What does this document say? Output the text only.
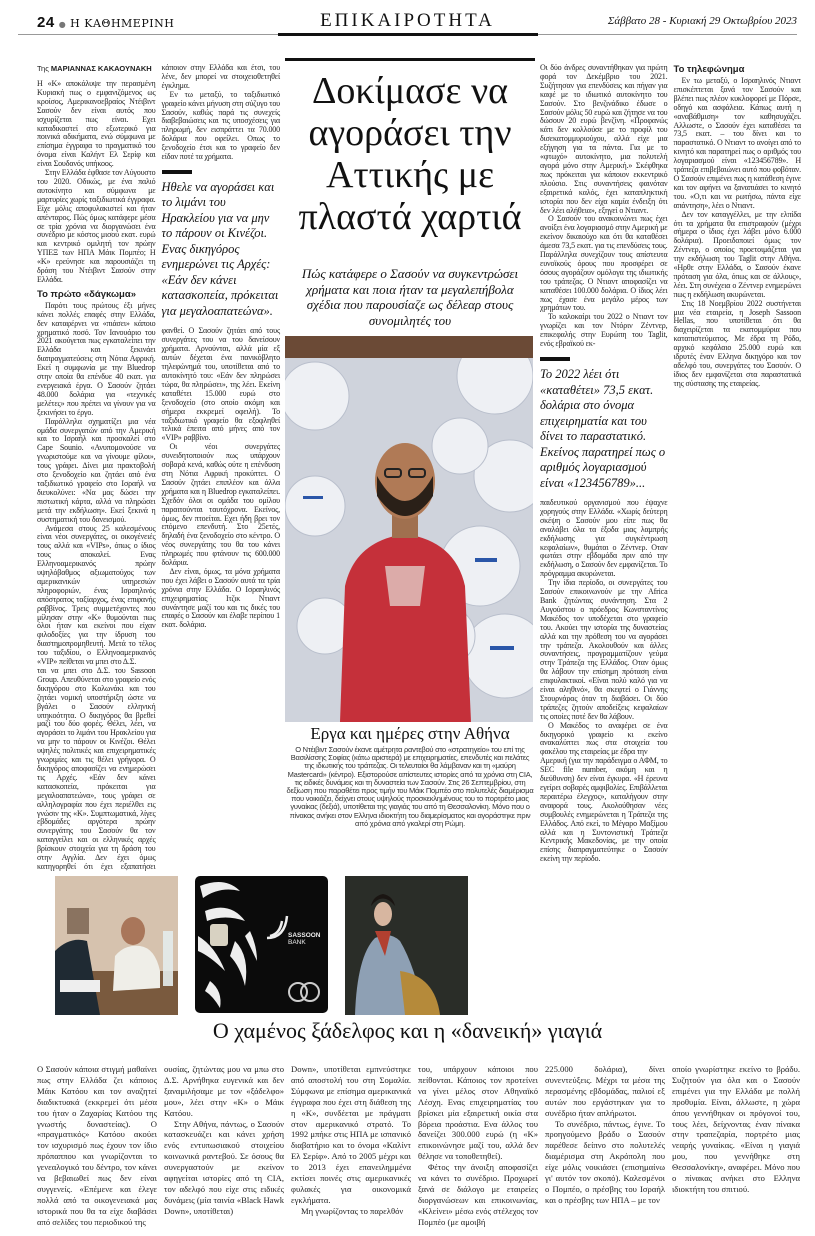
24 ● Η ΚΑΘΗΜΕΡΙΝΗ	ΕΠΙΚΑΙΡΟΤΗΤΑ	Σάββατο 28 - Κυριακή 29 Οκτωβρίου 2023
Της ΜΑΡΙΑΝΝΑΣ ΚΑΚΑΟΥΝΑΚΗ

Η «Κ» αποκάλυψε την περασμένη Κυριακή πως ο εμφανιζόμενος ως κροίσος, Αμερικανοεβραίος Ντέιβιντ Σασούν δεν είναι αυτός που ισχυρίζεται πως είναι. Εχει καταδικαστεί στο εξωτερικό για ποινικά αδικήματα, ενώ σύμφωνα με επίσημα έγγραφα το πραγματικό του όνομα είναι Καλήντ Ελ Σερίφ και είναι Σουδανός υπήκοος.

Στην Ελλάδα έφθασε τον Αύγουστο του 2020. Οδικώς, με ένα παλιό αυτοκίνητο και σύμφωνα με μαρτυρίες χωρίς ταξιδιωτικά έγγραφα. Είχε μόλις αποφυλακιστεί και ήταν απένταρος. Πώς όμως κατάφερε μέσα σε τρία χρόνια να διοργανώσει ένα συνέδριο με κόστος μισού εκατ. ευρώ και κεντρικό ομιλητή τον πρώην ΥΠΕΞ των ΗΠΑ Μάικ Πομπέο; Η «Κ» ερεύνησε και παρουσιάζει τη δράση του Ντέιβιντ Σασούν στην Ελλάδα.

Το πρώτο «δάγκωμα»

Παρότι τους πρώτους έξι μήνες κάνει πολλές επαφές στην Ελλάδα, δεν καταφέρνει να «πιάσει» κάποιο χρηματικό ποσό. Τον Ιανουάριο του 2021 ακούγεται πως εγκαταλείπει την Ελλάδα και ξεκινάει διαπραγματεύσεις στη Νότια Αφρική. Εκεί η συμφωνία με την Bluedrop στην οποία θα επένδυε 40 εκατ. για ενεργειακά έργα. Ο Σασούν ζητάει 48.000 δολάρια για «τεχνικές μελέτες» που πρέπει να γίνουν για να ξεκινήσει το έργο.

Παράλληλα σχηματίζει μια νέα ομάδα συνεργατών από την Αμερική και το Ισραήλ και προσκαλεί στο Cape Sounio. «Ανυπομονούσε να γνωριστούμε και να γίνουμε φίλοι», τους γράφει. Δίνει μια πρακτοβολή στο ξενοδοχείο και ζητάει από ένα ταξιδιωτικό γραφείο στο Ισραήλ να διευκολύνει: «Να μας δώσει την πιστωτική κάρτα, αλλά να πληρώσει μετά την εκδήλωση». Εκεί ξεκινά η συστηματική του δανεισμού.

Ανάμεσα στους 25 καλεσμένους είναι νέοι συνεργάτες, οι οικογένειές τους αλλά και «VIPs», όπως ο ίδιος τους αποκαλεί. Ενας Ελληνοαμερικανός πρώην υψηλόβαθμος αξιωματούχος των αμερικανικών υπηρεσιών πληροφοριών, ένας Ισραηλινός απόστρατος ταξίαρχος, ένας επιφανής ραββίνος. Τρεις συμμετέχοντες που μίλησαν στην «Κ» θυμούνται πως όλοι ήταν και εκείνοι που είχαν φιλοδοξίες για την ίδρυση του διαστημοπρομηθευτή. Μετά το τέλος του ταξιδίου, ο Ελληνοαμερικανός «VIP» πείθεται να μπει στο Δ.Σ.

ται να μπει στο Δ.Σ. του Sassoon Group. Απευθύνεται στο γραφείο ενός δικηγόρου στο Κολωνάκι και του ζητάει νομική υποστήριξη ώστε να βγάλει ο Σασούν ελληνική υπηκοότητα. Ο δικηγόρος θα βρεθεί μαζί του δύο φορές. Θέλει, λέει, να αγοράσει το λιμάνι του Ηρακλείου για να μην το πάρουν οι Κινέζοι. Θέλει υψηλές πολιτικές και επιχειρηματικές γνωριμίες και τις θέλει γρήγορα. Ο δικηγόρος αποφασίζει να ενημερώσει τις Αρχές. «Εάν δεν κάνει κατασκοπεία, πρόκειται για μεγαλοαπατεώνα», τους γράφει σε αλληλογραφία που έχει περιέλθει εις γνώσιν της «Κ». Συμπτωματικά, λίγες εβδομάδες αργότερα πρώην συνεργάτης του Σασούν θα τον καταγγείλει και οι ελληνικές αρχές βρίσκουν στοιχεία για τη δράση του στην Αγγλία. Δεν έχει όμως κατηγορηθεί ότι έχει εξαπατήσει κάποιον στην Ελλάδα και έτσι, του λένε, δεν μπορεί να στοιχειοθετηθεί έγκλημα.

Εν τω μεταξύ, το ταξιδιωτικό γραφείο κάνει μήνυση στη σύζυγο του Σασούν, καθώς παρά τις συνεχείς διαβεβαιώσεις και τις υποσχέσεις για πληρωμή, δεν εισπράττει τα 70.000 δολάρια που οφείλει. Οπως το ξενοδοχείο έτσι και το γραφείο δεν είδαν ποτέ τα χρήματα.

Ηθελε να αγοράσει και το λιμάνι του Ηρακλείου για να μην το πάρουν οι Κινέζοι. Ενας δικηγόρος ενημερώνει τις Αρχές: «Εάν δεν κάνει κατασκοπεία, πρόκειται για μεγαλοαπατεώνα».

φανθεί. Ο Σασούν ζητάει από τους συνεργάτες του να του δανείσουν χρήματα. Αρνούνται, αλλά μία εξ αυτών δέχεται ένα πανικόβλητο τηλεφώνημά του, υποτίθεται από το αυτοκίνητό του: «Εάν δεν πληρώσει τώρα, θα πληρώσει», της λέει. Εκείνη καταθέτει 15.000 ευρώ στο ξενοδοχείο (στο οποίο ακόμη και σήμερα εκκρεμεί οφειλή). Το ταξιδιωτικό γραφείο θα εξοφληθεί τελικά έπειτα από μήνες από τον «VIP» ραββίνο.

Οι νέοι συνεργάτες συνειδητοποιούν πως υπάρχουν σοβαρά κενά, καθώς ούτε η επένδυση στη Νότια Αφρική προκύπτει. Ο Σασούν ζητάει επιπλέον και άλλα χρήματα και η Bluedrop εγκαταλείπει. Σχεδόν όλοι οι ομάδα του ομίλου παραιτούνται ταυτόχρονα. Εκείνος, όμως, δεν πτοείται. Εχει ήδη βρει τον επόμενο επενδυτή. Στο 25ετές, δηλαδή ένα ξενοδοχείο στο κέντρο. Ο νέος συνεργάτης του θα του κάνει πληρωμές που φτάνουν τις 600.000 δολάρια.

Δεν είναι, όμως, τα μόνα χρήματα που έχει λάβει ο Σασούν αυτά τα τρία χρόνια στην Ελλάδα. Ο Ισραηλινός επιχειρηματίας Ιτζικ Ντιαντ συνάντησε μαζί του και τις δικές του επαφές ο Σασούν και έλαβε περίπου 1 εκατ. δολάρια.

Δοκίμασε να αγοράσει την Αττικής με πλαστά χαρτιά
Πώς κατάφερε ο Σασούν να συγκεντρώσει χρήματα και ποια ήταν τα μεγαλεπήβολα σχέδια που παρουσίαζε ως δέλεαρ στους συνομιλητές του
Εργα και ημέρες στην Αθήνα
Ο Ντέιβιντ Σασούν έκανε αμέτρητα ραντεβού στο «στρατηγείο» του επί της Βασιλίσσης Σοφίας (κάτω αριστερά) με επιχειρηματίες, επενδυτές και πελάτες της ιδιωτικής του τράπεζας. Οι τελευταίοι θα λάμβαναν και τη «μαύρη Mastercard» (κέντρο). Εξιστορούσε απίστευτες ιστορίες από τα χρόνια στη CIA, τις ειδικές δυνάμεις και τη δυναστεία των Σασούν. Στις 26 Σεπτεμβρίου, στη δεξίωση που παραθέτει προς τιμήν του Μάικ Πομπέο στο πολυτελές διαμέρισμα που νοικιάζει, δείχνει στους υψηλούς προσκεκλημένους του το πορτρέτο μιας γυναίκας (δεξιά), υποτίθεται της γιαγιάς του από τη Θεσσαλονίκη. Μόνο που ο πίνακας ανήκει στον Ελληνα ιδιοκτήτη του διαμερίσματος και αγοράστηκε πριν από χρόνια από γκαλερί στη Ρώμη.

Οι δύο άνδρες συναντήθηκαν για πρώτη φορά τον Δεκέμβριο του 2021. Συζήτησαν για επενδύσεις και πήγαν για καφέ με το ιδιωτικό αυτοκίνητο του Σασούν. Στο βενζινάδικο έδωσε ο Σασούν μόλις 50 ευρώ και ζήτησε να του δώσουν 20 ευρώ βενζίνη. «Προφανώς κάτι δεν κολλούσε με το προφίλ του δισεκατομμυριούχου, αλλά είχε μια εξήγηση για τα πάντα. Για με το «φτωχό» αυτοκίνητο, μια πολυτελή αγορά μόνο στην Αμερική.» Σκέφθηκα πως πρόκειται για κάποιον εκκεντρικό πλούσιο. Στις συναντήσεις φαινόταν εξαιρετικά καλός, έχει καταπληκτική ιστορία που δεν είχα καμία ένδειξη ότι δεν λέει αλήθεια», εξηγεί ο Ντιαντ.

Ο Σασούν του ανακοινώνει πως έχει ανοίξει ένα λογαριασμό στην Αμερική με εκείνον δικαιούχο και ότι θα καταθέσει άμεσα 73,5 εκατ. για τις επενδύσεις τους. Παράλληλα συνεχίζουν τους απίστευτα ευνοϊκούς όρους που προσφέρει σε όσους αγοράζουν ομόλογα της ιδιωτικής του τράπεζας. Ο Ντιαντ αποφασίζει να καταθέσει 100.000 δολάρια. Ο ίδιος λέει πως έχασε ένα μεγάλο μέρος των χρημάτων του.

Το καλοκαίρι του 2022 ο Ντιαντ τον γνωρίζει και τον Ντόριν Ζέντνερ, επικεφαλής στην Ευρώπη του Taglit, ενός εβραϊκού εκ-

Το 2022 λέει ότι «καταθέτει» 73,5 εκατ. δολάρια στο όνομα επιχειρηματία και του δίνει το παραστατικό. Εκείνος παρατηρεί πως ο αριθμός λογαριασμού είναι «123456789»...

παιδευτικού οργανισμού που έψαχνε χορηγούς στην Ελλάδα. «Χωρίς δεύτερη σκέψη ο Σασούν μου είπε πως θα αναλάβει όλα τα έξοδα μιας λαμπρής εκδήλωσης για συγκέντρωση κεφαλαίων», θυμάται ο Ζέντνερ. Οταν φωτάει στην εβδομάδα πριν από την εκδήλωση, ο Σασούν δεν εμφανίζεται. Το πρόγραμμα ακυρώνεται.

Την ίδια περίοδο, οι συνεργάτες του Σασούν επικοινωνούν με την Africa Bank ζητώντας συνάντηση. Στα 2 Αυγούστου ο πρόεδρος Κωνσταντίνος Μακέδος τον υποδέχεται στο γραφείο του. Ακούει την ιστορία της δυναστείας αλλά και την πρόθεση του να αγοράσει την τράπεζα. Ακολουθούν και άλλες συναντήσεις, προγραμματίζουν γεύμα στην Τράπεζα της Ελλάδος. Οταν όμως θα λάβουν την επίσημη πρόταση είναι επιφυλακτικοί. «Είναι πολύ καλό για να είναι αληθινό», θα σκεφτεί ο Γιάννης Στουρνάρας όταν τη διαβάσει. Οι δύο τράπεζες ζητούν αποδείξεις κεφαλαίων τις οποίες ποτέ δεν θα λάβουν.

Ο Μακέδος το αναφέρει σε ένα δικηγορικό γραφείο κι εκείνο ανακαλύπτει πως στα στοιχεία του φακέλου της εταιρείας με έδρα την

Αμερική (για την παράδειγμα ο ΑΦΜ, το SEC file number, ακόμη και η διεύθυνση) δεν είναι έγκυρα. «Η έρευνα εγείρει σοβαρές αμφιβολίες. Επιβάλλεται περαιτέρω έλεγχος», καταλήγουν στην αναφορά τους. Ακολούθησαν νέες συμβουλές ενημερώνεται η Τράπεζα της Ελλάδος. Από εκεί, το Μέγαρο Μαξίμου αλλά και η Συντονιστική Τράπεζα Κεντρικής Μακεδονίας, με την οποία επίσης διαπραγματεύτηκε ο Σασούν εκείνη την περίοδο.

Το τηλεφώνημα

Εν τω μεταξύ, ο Ισραηλινός Ντιαντ επισκέπτεται ξανά τον Σασούν και βλέπει πως πλέον κυκλοφορεί με Πόρσε, οδηγό και ασφάλεια. Κάπως αυτή η «αναβάθμιση» τον καθησυχάζει. Αλλωστε, ο Σασούν έχει καταθέσει τα 73,5 εκατ. – του δίνει και το παραστατικό. Ο Ντιαντ το ανοίγει από το κινητό και παρατηρεί πως ο αριθμός του λογαριασμού είναι «123456789». Η τράπεζα επιβεβαιώνει αυτό που φοβόταν. Ο Σασούν επιμένει πως η κατάθεση έγινε και τον αφήνει να ξαναπιάσει το κινητό του. «Ο,τι και να ρωτήσω, πάντα είχε απάντηση», λέει ο Ντιαντ.

Δεν τον καταγγέλλει, με την ελπίδα ότι τα χρήματα θα επιστραφούν (μέχρι σήμερα ο ίδιος έχει λάβει μόνο 6.000 δολάρια). Προειδοποιεί όμως τον Ζέντνερ, ο οποίος προετοιμάζεται για την εκδήλωση του Taglit στην Αθήνα. «Ηρθε στην Ελλάδα, ο Σασούν έκανε πρόταση για όλα, όπως και σε άλλους», λέει. Στη συνέχεια ο Ζέντνερ ενημερώνει πως η εκδήλωση ακυρώνεται.

Στις 18 Νοεμβρίου 2022 συστήνεται μια νέα εταιρεία, η Joseph Sassoon Hellas, που υποτίθεται ότι θα διαχειρίζεται τα εκατομμύρια που καταπιστεύματος. Με έδρα τη Ρόδο, αρχικό κεφάλαιο 25.000 ευρώ και ιδρυτές έναν Ελληνα δικηγόρο και τον αδελφό του, συνεργάτες του Σασούν. Ο ίδιος δεν εμφανίζεται στα παραστατικά της σύστασης της εταιρείας.

SASSOON BANK
Ο χαμένος ξάδελφος και η «δανεική» γιαγιά

Ο Σασούν κάποια στιγμή μαθαίνει πως στην Ελλάδα ζει κάποιος Μάικ Κατόου και τον αναζητεί διαδικτυακά (εκκρεμεί ότι μέσα του ήταν ο Ζαχαρίας Κατόου της γνωστής δυναστείας). Ο «πραγματικός» Κατόου ακούει τον ισχυρισμό πως έχουν τον ίδιο πρόπαππου και γνωρίζονται το γενεαλογικό του δέντρο, τον κάνει να βεβαιωθεί πως δεν είναι συγγενείς. «Επέμενε και έλεγε πολλά από τα οικογενειακά μας ιστορικά που θα τα είχε διαβάσει από σελίδες του περιοδικού της

ουσίας, ζητώντας μου να μπω στο Δ.Σ. Αρνήθηκα ευγενικά και δεν ξαναμιλήσαμε με τον «ξάδελφο» μου», λέει στην «Κ» ο Μάικ Κατόου.

Στην Αθήνα, πάντως, ο Σασούν κατασκευάζει και κάνει χρήση ενός εντυπωσιακού στοιχείου κοινωνικά ραντεβού. Σε όσους θα συνεργαστούν με εκείνον αφηγείται ιστορίες από τη CIA, τον αδελφό που είχε στις ειδικές δυνάμεις (μία ταινία «Black Hawk Down», υποτίθεται)

Down», υποτίθεται εμπνεύστηκε από αποστολή του στη Σομαλία. Σύμφωνα με επίσημα αμερικανικά έγγραφα που έχει στη διάθεση της η «Κ», συνδέεται με πράγματι στον αμερικανικό στρατό. Το 1992 μπήκε στις ΗΠΑ με ισπανικό διαβατήριο και το όνομα «Καλίντ Ελ Σερίφ». Από το 2005 μέχρι και το 2013 έχει επανειλημμένα εκτίσει ποινές στις αμερικανικές φυλακές για οικονομικά εγκλήματα.

Μη γνωρίζοντας το παρελθόν

του, υπάρχουν κάποιοι που πείθονται. Κάποιος τον προτείνει να γίνει μέλος στον Αθηναϊκό Λέσχη. Ενας επιχειρηματίας του βρίσκει μία εξαιρετική οικία στα βόρεια προάστια. Ενα άλλος του δανείζει 300.000 ευρώ (η «Κ» επικοινώνησε μαζί του, αλλά δεν θέλησε να τοποθετηθεί).

Φέτος την άνοιξη αποφασίζει να κάνει το συνέδριο. Προχωρεί ξανά σε διάλογο με εταιρείες διοργανώσεων και επικοινωνίας, «Κλείνει» μέσω ενός στέλεχος τον Πομπέο (με αμοιβή

225.000 δολάρια), δίνει συνεντεύξεις. Μέχρι τα μέσα της περασμένης εβδομάδας, παλιοί εξ αυτών που εργάστηκαν για το συνέδριο ήταν απλήρωτοι.

Το συνέδριο, πάντως, έγινε. Το προηγούμενο βράδυ ο Σασούν παρέθεσε δείπνο στο πολυτελές διαμέρισμα στη Ακρόπολη που είχε μόλις νοικιάσει (επισημαίνω γι' αυτόν τον σκοπό). Καλεσμένοι ο Πομπέο, ο πρέσβης του Ισραήλ και ο πρέσβης των ΗΠΑ – με τον

οποίο γνωρίστηκε εκείνο το βράδυ. Συζητούν για όλα και ο Σασούν επιμένει για την Ελλάδα με πολλή προθυμία. Είναι, άλλωστε, η χώρα όπου γεννήθηκαν οι πρόγονοί του, τους λέει, δείχνοντας έναν πίνακα στην τραπεζαρία, πορτρέτο μιας νεαρής γυναίκας. «Είναι η γιαγιά μου, που γεννήθηκε στη Θεσσαλονίκη», αναφέρει. Μόνο που ο πίνακας ανήκει στο Ελληνα ιδιοκτήτη του σπιτιού.
